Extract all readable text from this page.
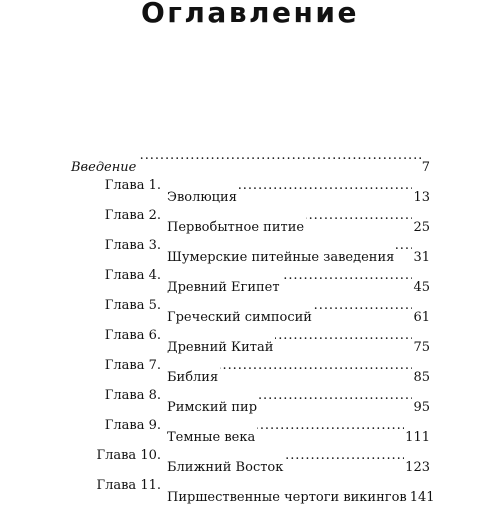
Оглавление
Введение . . .	7
Глава 1.
Эволюция . . .	13
Глава 2.
Первобытное питие . . .	25
Глава 3.
Шумерские питейные заведения . . . 31
Глава 4.
Древний Египет . . .	45
Глава 5.
Греческий симпосий . . .	61
Глава 6.
Древний Китай . . .	75
Глава 7.
Библия . . .	85
Глава 8.
Римский пир . . .	95
Глава 9.
Темные века . . .	111
Глава 10.
Ближний Восток . . .	123
Глава 11.
Пиршественные чертоги викингов 141
